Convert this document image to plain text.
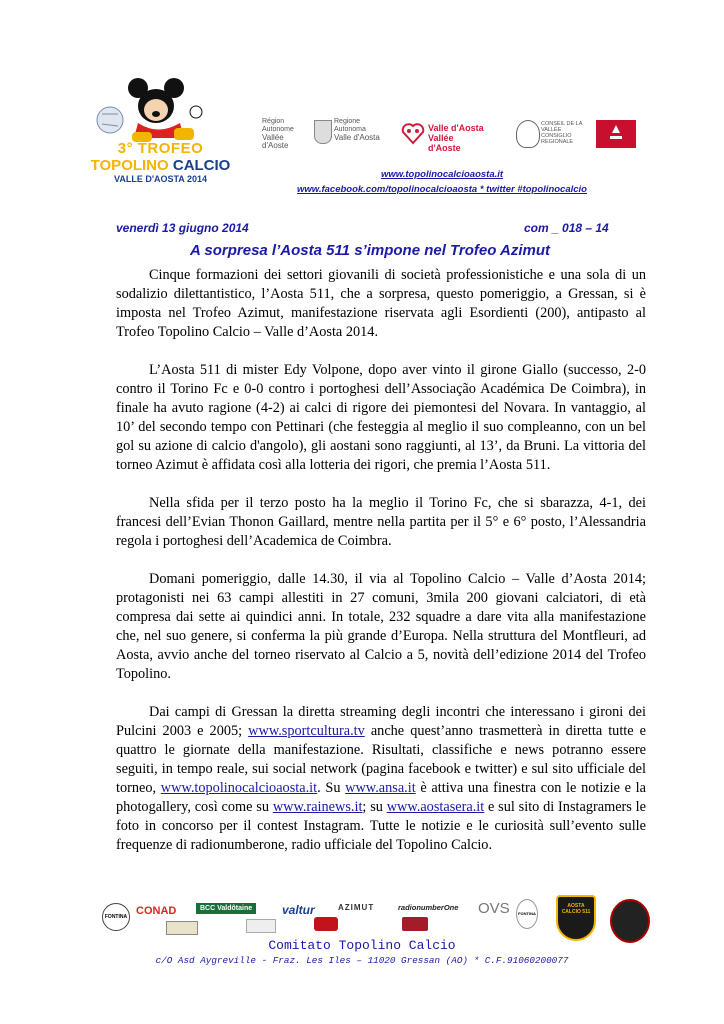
3° TROFEO
TOPOLINO CALCIO
VALLE D'AOSTA 2014
Région Autonome
Vallée d'Aoste
Regione Autonoma
Valle d'Aosta
Valle d'Aosta
Vallée d'Aoste
CONSEIL DE LA VALLÉE
CONSIGLIO REGIONALE
www.topolinocalcioaosta.it
www.facebook.com/topolinocalcioaosta * twitter #topolinocalcio
venerdì 13 giugno 2014	com _ 018 – 14
A sorpresa l’Aosta 511 s’impone nel Trofeo Azimut

Cinque formazioni dei settori giovanili di società professionistiche e una sola di un sodalizio dilettantistico, l’Aosta 511, che a sorpresa, questo pomeriggio, a Gressan, si è imposta nel Trofeo Azimut, manifestazione riservata agli Esordienti (200), antipasto al Trofeo Topolino Calcio – Valle d’Aosta 2014.

L’Aosta 511 di mister Edy Volpone, dopo aver vinto il girone Giallo (successo, 2-0 contro il Torino Fc e 0-0 contro i portoghesi dell’Associação Académica De Coimbra), in finale ha avuto ragione (4-2) ai calci di rigore dei piemontesi del Novara. In vantaggio, al 10’ del secondo tempo con Pettinari (che festeggia al meglio il suo compleanno, con un bel gol su azione di calcio d'angolo), gli aostani sono raggiunti, al 13’, da Bruni. La vittoria del torneo Azimut è affidata così alla lotteria dei rigori, che premia l’Aosta 511.

Nella sfida per il terzo posto ha la meglio il Torino Fc, che si sbarazza, 4-1, dei francesi dell’Evian Thonon Gaillard, mentre nella partita per il 5° e 6° posto, l’Alessandria regola i portoghesi dell’Academica de Coimbra.

Domani pomeriggio, dalle 14.30, il via al Topolino Calcio – Valle d’Aosta 2014; protagonisti nei 63 campi allestiti in 27 comuni, 3mila 200 giovani calciatori, di età compresa dai sette ai quindici anni. In totale, 232 squadre a dare vita alla manifestazione che, nel suo genere, si conferma la più grande d’Europa. Nella struttura del Montfleuri, ad Aosta, avvio anche del torneo riservato al Calcio a 5, novità dell’edizione 2014 del Trofeo Topolino.

Dai campi di Gressan la diretta streaming degli incontri che interessano i gironi dei Pulcini 2003 e 2005; www.sportcultura.tv anche quest’anno trasmetterà in diretta tutte e quattro le giornate della manifestazione. Risultati, classifiche e news potranno essere seguiti, in tempo reale, sui social network (pagina facebook e twitter) e sul sito ufficiale del torneo, www.topolinocalcioaosta.it. Su www.ansa.it è attiva una finestra con le notizie e la photogallery, così come su www.rainews.it; su www.aostasera.it e sul sito di Instagramers le foto in concorso per il contest Instagram. Tutte le notizie e le curiosità sull’evento sulle frequenze di radionumberone, radio ufficiale del Topolino Calcio.

FONTINA CONAD	BCC Valdôtaine	valtur	AZIMUT	radionumberOne OVS	FONTINA
AOSTA CALCIO 511
Comitato Topolino Calcio
c/O Asd Aygreville - Fraz. Les Iles – 11020 Gressan (AO) * C.F.91060200077
